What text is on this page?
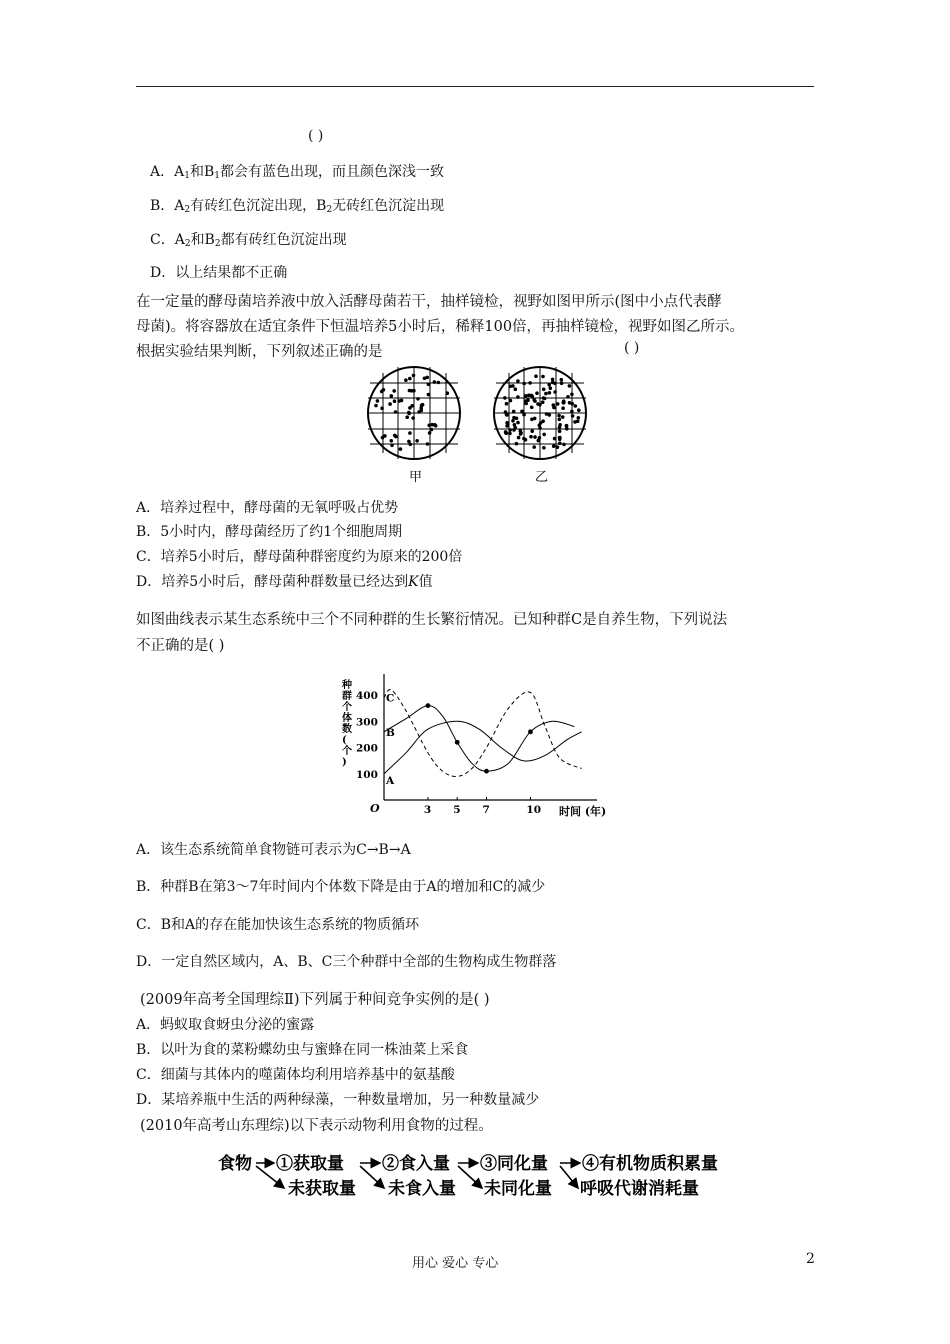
( )
A．$A_1$和$B_1$都会有蓝色出现，而且颜色深浅一致
B．$A_2$有砖红色沉淀出现，$B_2$无砖红色沉淀出现
C．$A_2$和$B_2$都有砖红色沉淀出现
D．以上结果都不正确
在一定量的酵母菌培养液中放入活酵母菌若干，抽样镜检，视野如图甲所示(图中小点代表酵
母菌)。将容器放在适宜条件下恒温培养5小时后，稀释100倍，再抽样镜检，视野如图乙所示。
根据实验结果判断，下列叙述正确的是	( )
甲	乙
A．培养过程中，酵母菌的无氧呼吸占优势
B．5小时内，酵母菌经历了约1个细胞周期
C．培养5小时后，酵母菌种群密度约为原来的200倍
D．培养5小时后，酵母菌种群数量已经达到K值
如图曲线表示某生态系统中三个不同种群的生长繁衍情况。已知种群C是自养生物，下列说法
不正确的是( )
O	时间 (年)
种
群
个
体
数
(
个
)
100
200
300
400
3 5 7	10
A
B
C
A．该生态系统简单食物链可表示为C→B→A
B．种群B在第3～7年时间内个体数下降是由于A的增加和C的减少
C．B和A的存在能加快该生态系统的物质循环
D．一定自然区域内，A、B、C三个种群中全部的生物构成生物群落
(2009年高考全国理综Ⅱ)下列属于种间竞争实例的是( )
A．蚂蚁取食蚜虫分泌的蜜露
B．以叶为食的菜粉蝶幼虫与蜜蜂在同一株油菜上采食
C．细菌与其体内的噬菌体均利用培养基中的氨基酸
D．某培养瓶中生活的两种绿藻，一种数量增加，另一种数量减少
(2010年高考山东理综)以下表示动物利用食物的过程。
食物 ①获取量 ②食入量 ③同化量 ④有机物质积累量
未获取量 未食入量 未同化量 呼吸代谢消耗量
用心 爱心 专心	2
